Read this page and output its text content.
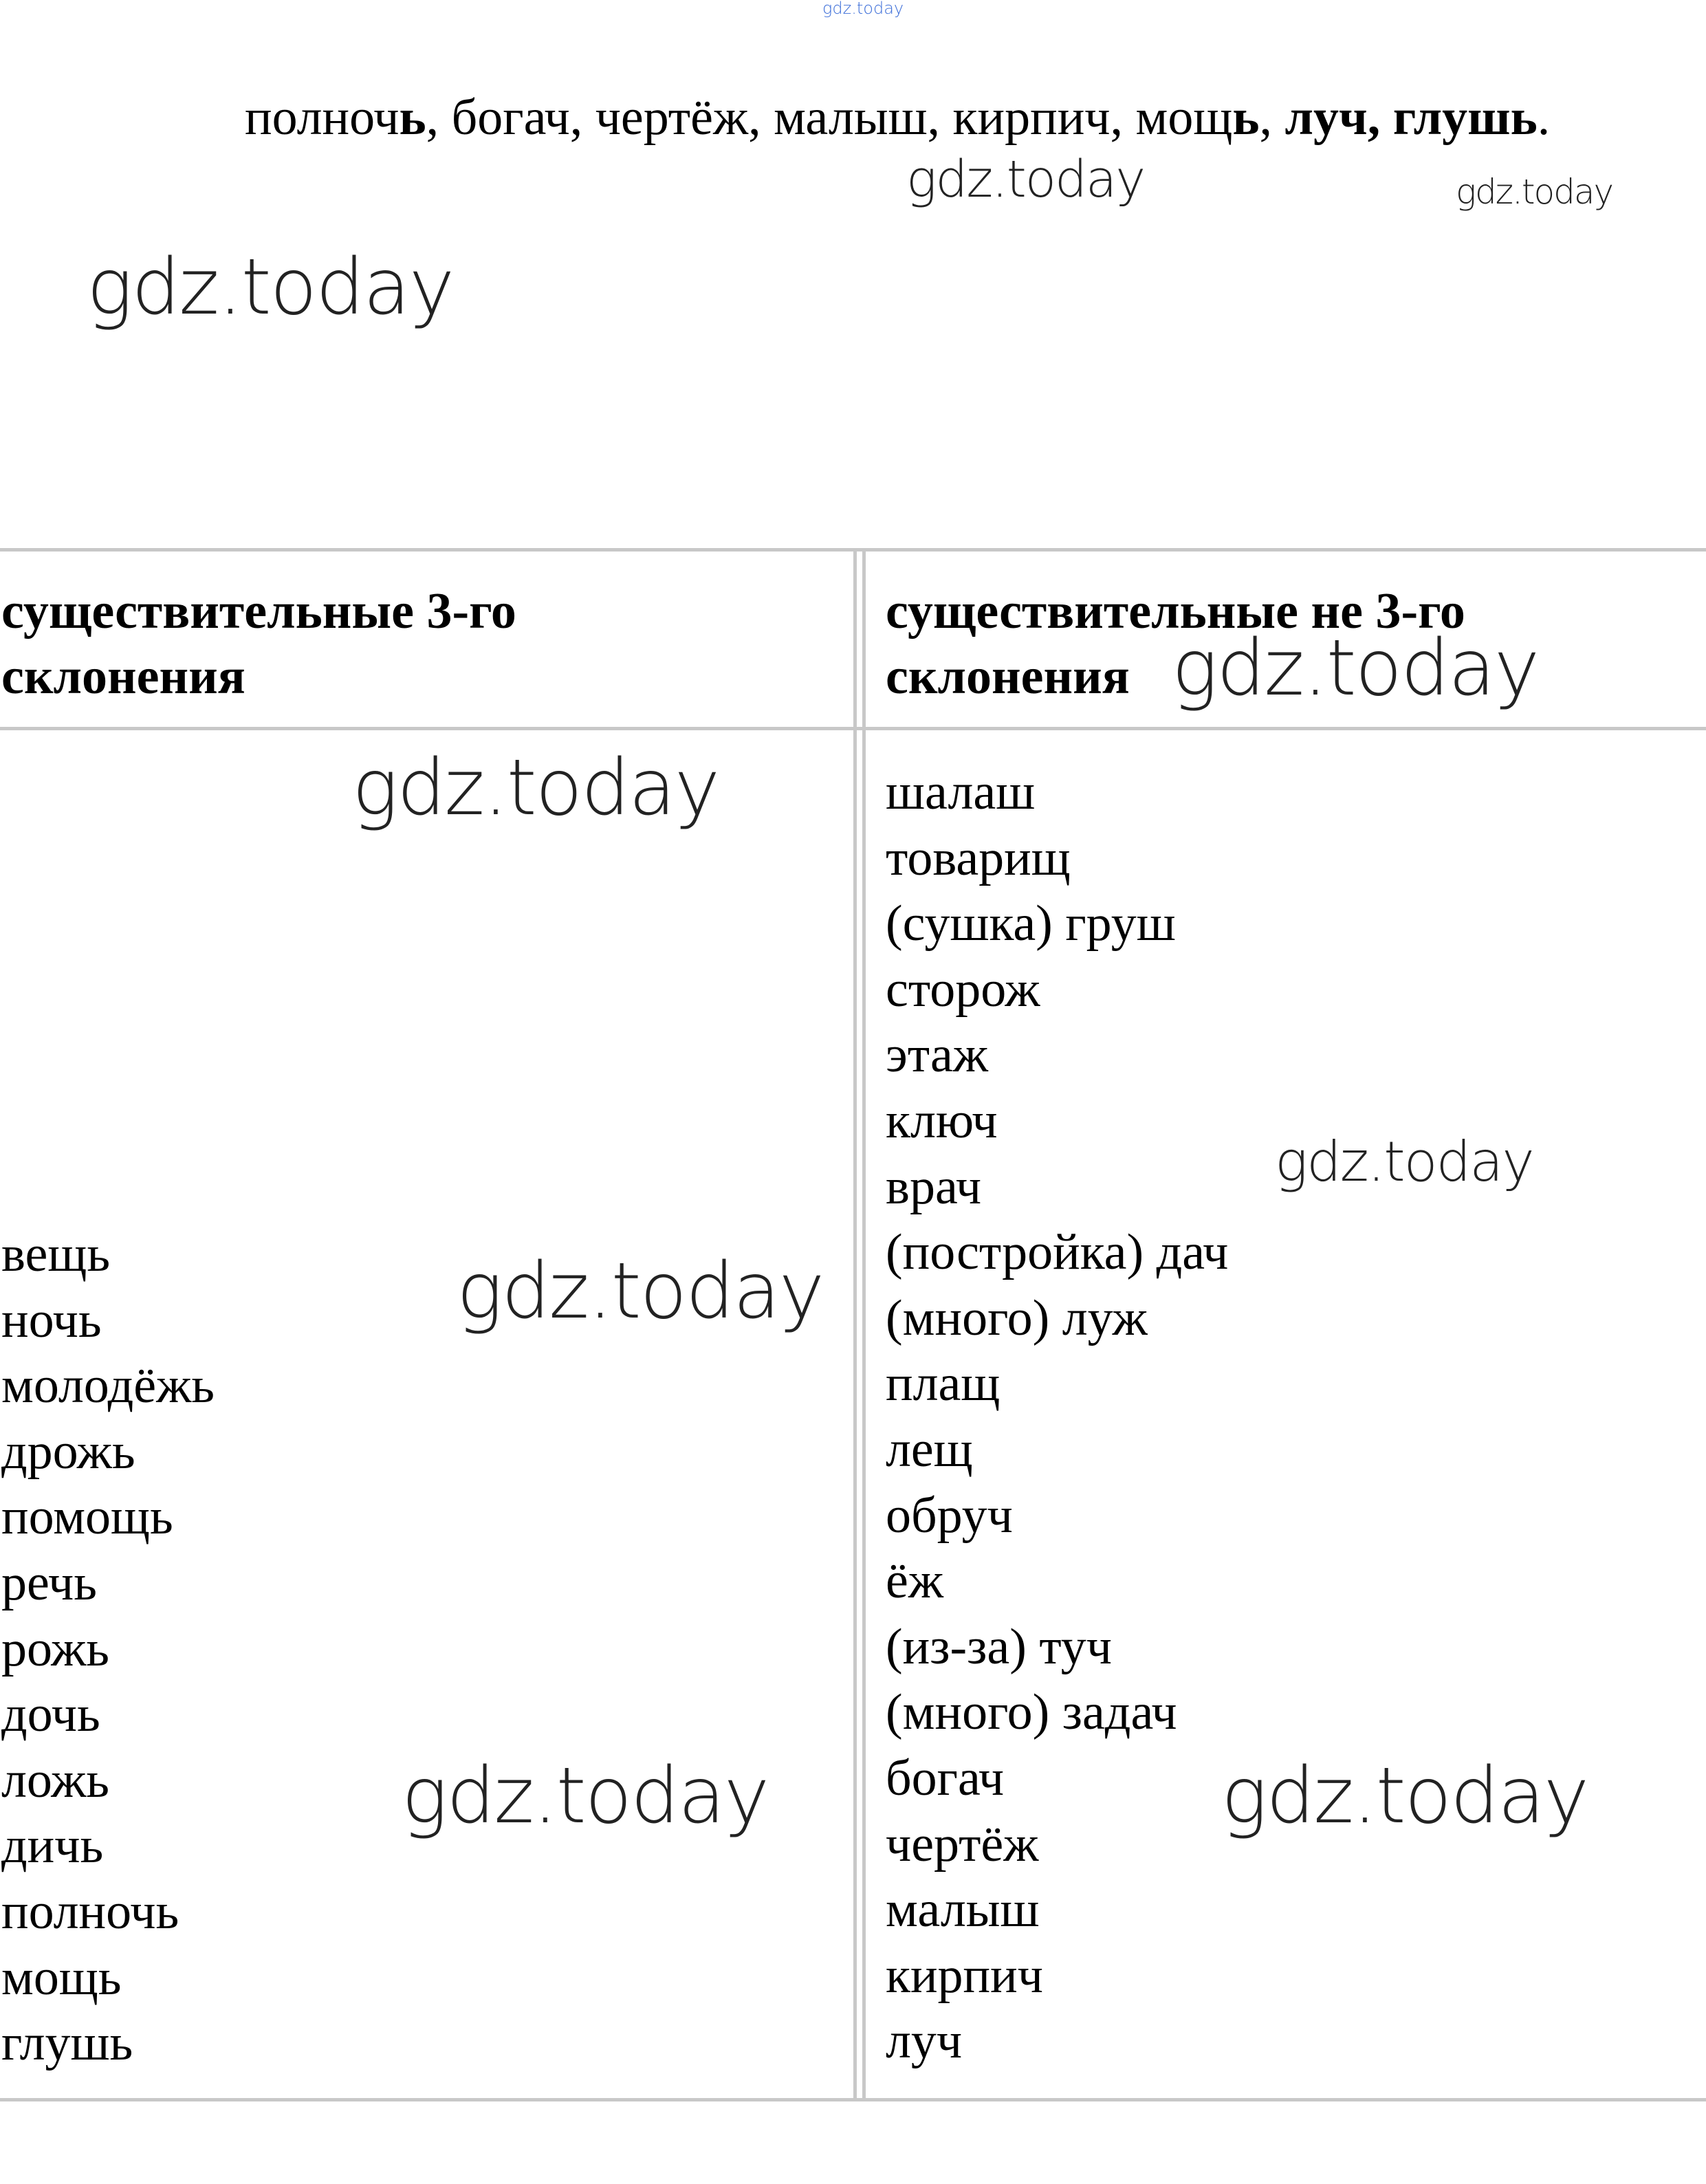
gdz.today
полночь, богач, чертёж, малыш, кирпич, мощь, луч, глушь.
gdz.today	gdz.today
gdz.today
существительные 3-го
склонения
существительные не 3-го
склонения
вещь
ночь
молодёжь
дрожь
помощь
речь
рожь
дочь
ложь
дичь
полночь
мощь
глушь
шалаш
товарищ
(сушка) груш
сторож
этаж
ключ
врач
(постройка) дач
(много) луж
плащ
лещ
обруч
ёж
(из-за) туч
(много) задач
богач
чертёж
малыш
кирпич
луч
gdz.today
gdz.today
gdz.today
gdz.today
gdz.today	gdz.today
